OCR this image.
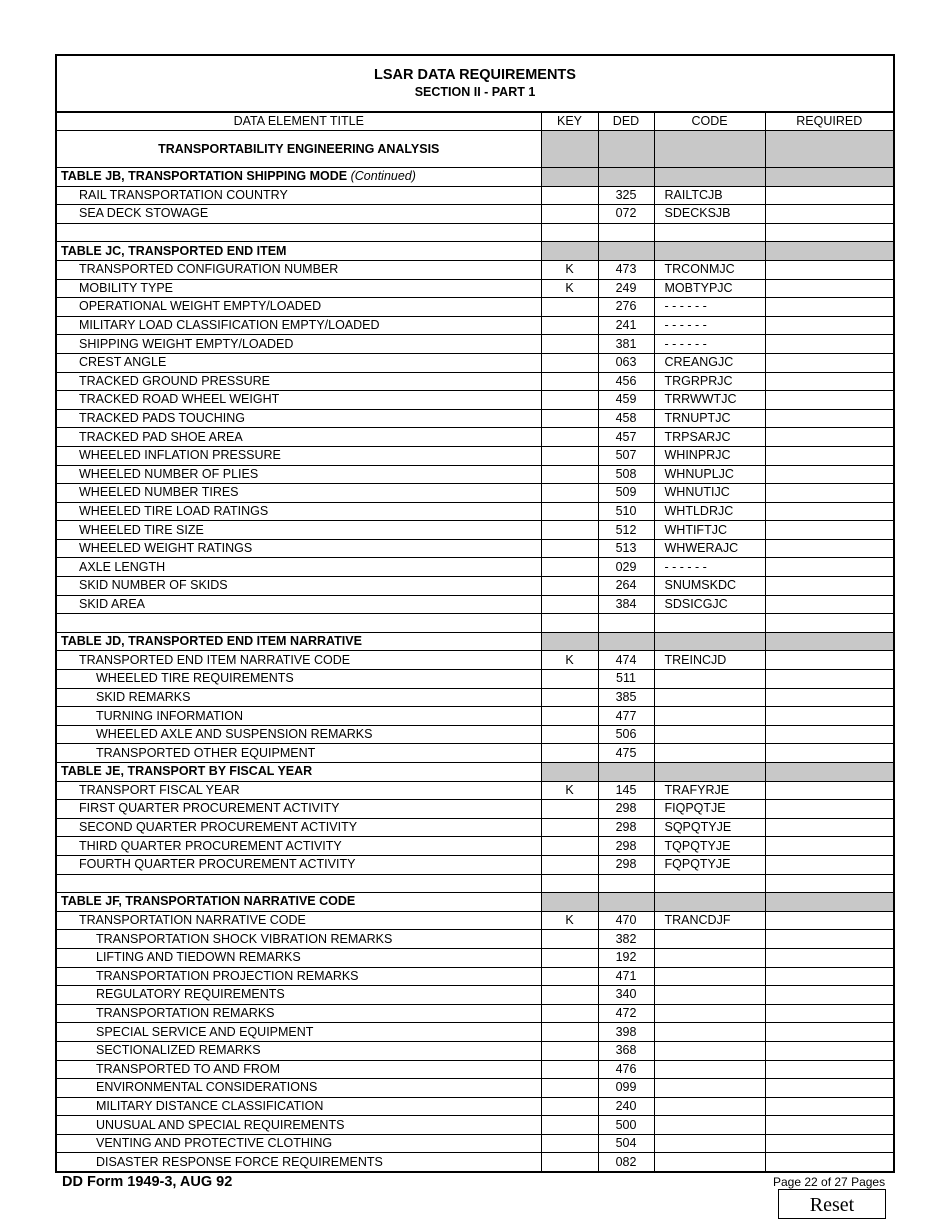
LSAR DATA REQUIREMENTS
SECTION II - PART 1
DATA ELEMENT TITLE	KEY	DED	CODE	REQUIRED
TRANSPORTABILITY ENGINEERING ANALYSIS				
TABLE JB, TRANSPORTATION SHIPPING MODE (Continued)				
RAIL TRANSPORTATION COUNTRY		325	RAILTCJB	
SEA DECK STOWAGE		072	SDECKSJB	

TABLE JC, TRANSPORTED END ITEM				
TRANSPORTED CONFIGURATION NUMBER	K	473	TRCONMJC	
MOBILITY TYPE	K	249	MOBTYPJC	
OPERATIONAL WEIGHT EMPTY/LOADED		276	- - - - - -	
MILITARY LOAD CLASSIFICATION EMPTY/LOADED		241	- - - - - -	
SHIPPING WEIGHT EMPTY/LOADED		381	- - - - - -	
CREST ANGLE		063	CREANGJC	
TRACKED GROUND PRESSURE		456	TRGRPRJC	
TRACKED ROAD WHEEL WEIGHT		459	TRRWWTJC	
TRACKED PADS TOUCHING		458	TRNUPTJC	
TRACKED PAD SHOE AREA		457	TRPSARJC	
WHEELED INFLATION PRESSURE		507	WHINPRJC	
WHEELED NUMBER OF PLIES		508	WHNUPLJC	
WHEELED NUMBER TIRES		509	WHNUTIJC	
WHEELED TIRE LOAD RATINGS		510	WHTLDRJC	
WHEELED TIRE SIZE		512	WHTIFTJC	
WHEELED WEIGHT RATINGS		513	WHWERAJC	
AXLE LENGTH		029	- - - - - -	
SKID NUMBER OF SKIDS		264	SNUMSKDC	
SKID AREA		384	SDSICGJC	

TABLE JD, TRANSPORTED END ITEM NARRATIVE				
TRANSPORTED END ITEM NARRATIVE CODE	K	474	TREINCJD	
WHEELED TIRE REQUIREMENTS		511		
SKID REMARKS		385		
TURNING INFORMATION		477		
WHEELED AXLE AND SUSPENSION REMARKS		506		
TRANSPORTED OTHER EQUIPMENT		475		
TABLE JE, TRANSPORT BY FISCAL YEAR				
TRANSPORT FISCAL YEAR	K	145	TRAFYRJE	
FIRST QUARTER PROCUREMENT ACTIVITY		298	FIQPQTJE	
SECOND QUARTER PROCUREMENT ACTIVITY		298	SQPQTYJE	
THIRD QUARTER PROCUREMENT ACTIVITY		298	TQPQTYJE	
FOURTH QUARTER PROCUREMENT ACTIVITY		298	FQPQTYJE	

TABLE JF, TRANSPORTATION NARRATIVE CODE				
TRANSPORTATION NARRATIVE CODE	K	470	TRANCDJF	
TRANSPORTATION SHOCK VIBRATION REMARKS		382		
LIFTING AND TIEDOWN REMARKS		192		
TRANSPORTATION PROJECTION REMARKS		471		
REGULATORY REQUIREMENTS		340		
TRANSPORTATION REMARKS		472		
SPECIAL SERVICE AND EQUIPMENT		398		
SECTIONALIZED REMARKS		368		
TRANSPORTED TO AND FROM		476		
ENVIRONMENTAL CONSIDERATIONS		099		
MILITARY DISTANCE CLASSIFICATION		240		
UNUSUAL AND SPECIAL REQUIREMENTS		500		
VENTING AND PROTECTIVE CLOTHING		504		
DISASTER RESPONSE FORCE REQUIREMENTS		082		
DD Form 1949-3, AUG 92	Page 22 of 27 Pages
Reset
